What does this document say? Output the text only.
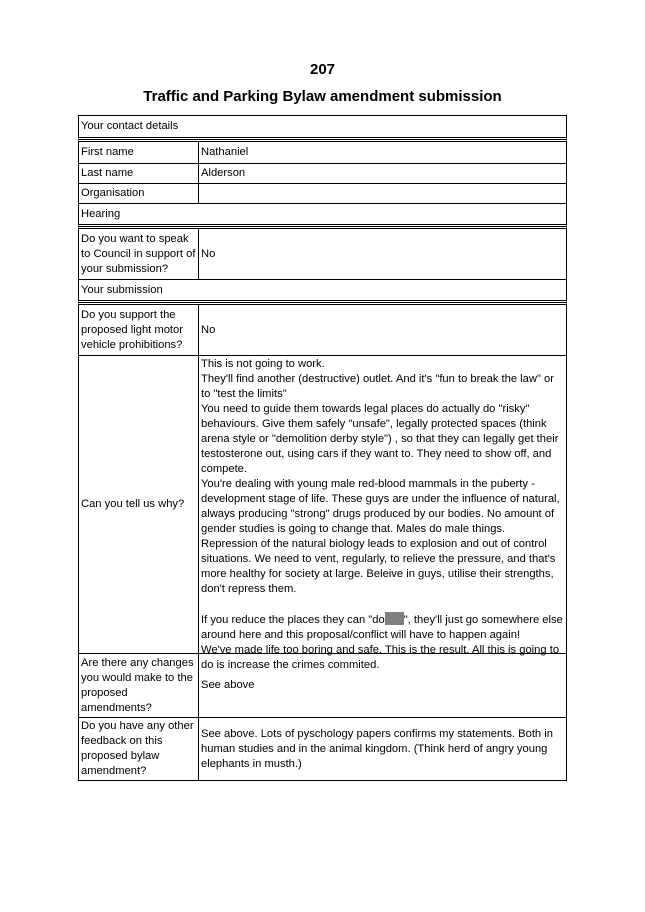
207
Traffic and Parking Bylaw amendment submission
Your contact details
First name	Nathaniel
Last name	Alderson
Organisation
Hearing
Do you want to speak to Council in support of your submission?
No
Your submission
Do you support the proposed light motor vehicle prohibitions?
No
Can you tell us why?

This is not going to work.

They'll find another (destructive) outlet. And it's "fun to break the law" or to "test the limits"

You need to guide them towards legal places do actually do "risky" behaviours. Give them safely "unsafe", legally protected spaces (think arena style or "demolition derby style") , so that they can legally get their testosterone out, using cars if they want to. They need to show off, and compete.

You're dealing with young male red-blood mammals in the puberty - development stage of life. These guys are under the influence of natural, always producing "strong" drugs produced by our bodies. No amount of gender studies is going to change that. Males do male things. Repression of the natural biology leads to explosion and out of control situations. We need to vent, regularly, to relieve the pressure, and that's more healthy for society at large. Beleive in guys, utilise their strengths, don't repress them.

If you reduce the places they can "do ", they'll just go somewhere else around here and this proposal/conflict will have to happen again!

We've made life too boring and safe. This is the result. All this is going to do is increase the crimes commited.

Are there any changes you would make to the proposed amendments?
See above
Do you have any other feedback on this proposed bylaw amendment?
See above. Lots of pyschology papers confirms my statements. Both in human studies and in the animal kingdom. (Think herd of angry young elephants in musth.)
